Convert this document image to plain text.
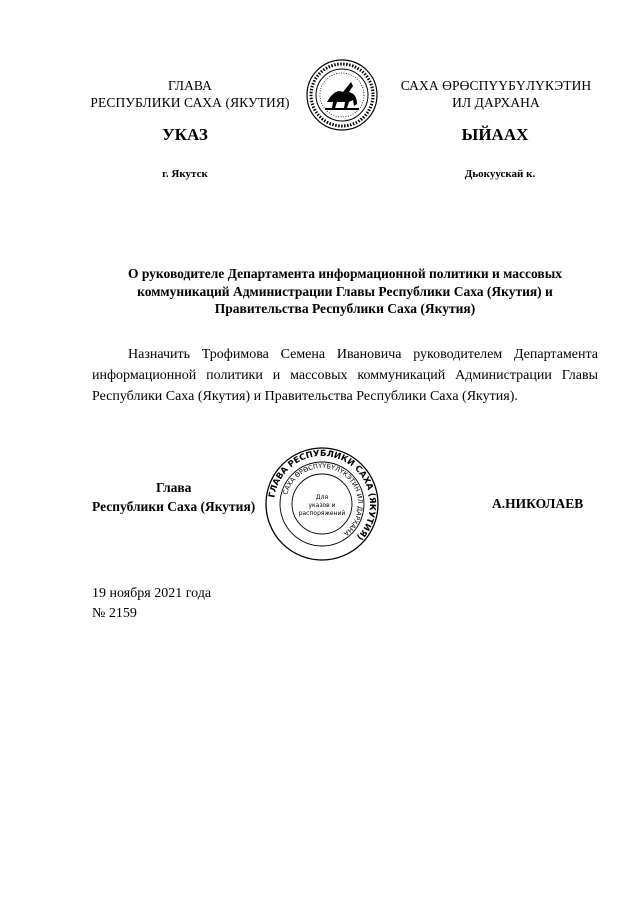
ГЛАВА
РЕСПУБЛИКИ САХА (ЯКУТИЯ)
САХА ӨРӨСПҮҮБҮЛҮКЭТИН
ИЛ ДАРХАНА
УКАЗ	ЫЙААХ
г. Якутск	Дьокуускай к.
О руководителе Департамента информационной политики и массовых коммуникаций Администрации Главы Республики Саха (Якутия) и Правительства Республики Саха (Якутия)
Назначить Трофимова Семена Ивановича руководителем Департамента информационной политики и массовых коммуникаций Администрации Главы Республики Саха (Якутия) и Правительства Республики Саха (Якутия).
Глава
Республики Саха (Якутия)
ГЛАВА РЕСПУБЛИКИ САХА (ЯКУТИЯ)
САХА ӨРӨСПҮҮБҮЛҮКЭТИН ИЛ ДАРХАНА
Для
указов и
распоряжений
А.НИКОЛАЕВ
19 ноября 2021 года
№ 2159
